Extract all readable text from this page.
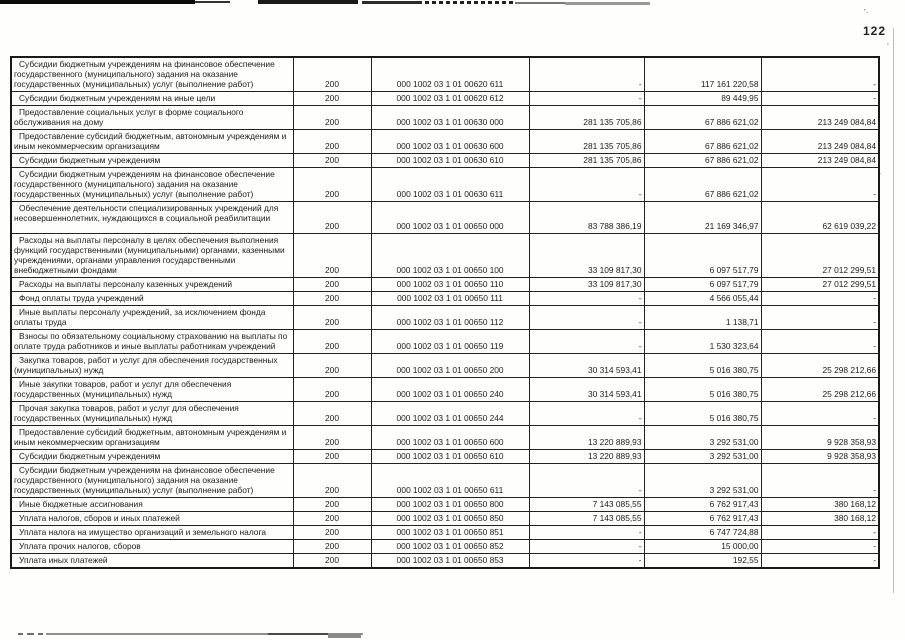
122
’·
’
’
Субсидии бюджетным учреждениям на финансовое обеспечение государственного (муниципального) задания на оказание государственных (муниципальных) услуг (выполнение работ)	200	000 1002 03 1 01 00620 611	-	117 161 220,58	-
Субсидии бюджетным учреждениям на иные цели	200	000 1002 03 1 01 00620 612	-	89 449,95	-
Предоставление социальных услуг в форме социального обслуживания на дому	200	000 1002 03 1 01 00630 000	281 135 705,86	67 886 621,02	213 249 084,84
Предоставление субсидий бюджетным, автономным учреждениям и иным некоммерческим организациям	200	000 1002 03 1 01 00630 600	281 135 705,86	67 886 621,02	213 249 084,84
Субсидии бюджетным учреждениям	200	000 1002 03 1 01 00630 610	281 135 705,86	67 886 621,02	213 249 084,84
Субсидии бюджетным учреждениям на финансовое обеспечение государственного (муниципального) задания на оказание государственных (муниципальных) услуг (выполнение работ)	200	000 1002 03 1 01 00630 611	-	67 886 621,02	-
Обеспечение деятельности специализированных учреждений для несовершеннолетних, нуждающихся в социальной реабилитации	200	000 1002 03 1 01 00650 000	83 788 386,19	21 169 346,97	62 619 039,22
Расходы на выплаты персоналу в целях обеспечения выполнения функций государственными (муниципальными) органами, казенными учреждениями, органами управления государственными внебюджетными фондами	200	000 1002 03 1 01 00650 100	33 109 817,30	6 097 517,79	27 012 299,51
Расходы на выплаты персоналу казенных учреждений	200	000 1002 03 1 01 00650 110	33 109 817,30	6 097 517,79	27 012 299,51
Фонд оплаты труда учреждений	200	000 1002 03 1 01 00650 111	-	4 566 055,44	-
Иные выплаты персоналу учреждений, за исключением фонда оплаты труда	200	000 1002 03 1 01 00650 112	-	1 138,71	-
Взносы по обязательному социальному страхованию на выплаты по оплате труда работников и иные выплаты работникам учреждений	200	000 1002 03 1 01 00650 119	-	1 530 323,64	-
Закупка товаров, работ и услуг для обеспечения государственных (муниципальных) нужд	200	000 1002 03 1 01 00650 200	30 314 593,41	5 016 380,75	25 298 212,66
Иные закупки товаров, работ и услуг для обеспечения государственных (муниципальных) нужд	200	000 1002 03 1 01 00650 240	30 314 593,41	5 016 380,75	25 298 212,66
Прочая закупка товаров, работ и услуг для обеспечения государственных (муниципальных) нужд	200	000 1002 03 1 01 00650 244	-	5 016 380,75	-
Предоставление субсидий бюджетным, автономным учреждениям и иным некоммерческим организациям	200	000 1002 03 1 01 00650 600	13 220 889,93	3 292 531,00	9 928 358,93
Субсидии бюджетным учреждениям	200	000 1002 03 1 01 00650 610	13 220 889,93	3 292 531,00	9 928 358,93
Субсидии бюджетным учреждениям на финансовое обеспечение государственного (муниципального) задания на оказание государственных (муниципальных) услуг (выполнение работ)	200	000 1002 03 1 01 00650 611	-	3 292 531,00	-
Иные бюджетные ассигнования	200	000 1002 03 1 01 00650 800	7 143 085,55	6 762 917,43	380 168,12
Уплата налогов, сборов и иных платежей	200	000 1002 03 1 01 00650 850	7 143 085,55	6 762 917,43	380 168,12
Уплата налога на имущество организаций и земельного налога	200	000 1002 03 1 01 00650 851	-	6 747 724,88	-
Уплата прочих налогов, сборов	200	000 1002 03 1 01 00650 852	-	15 000,00	-
Уплата иных платежей	200	000 1002 03 1 01 00650 853	-	192,55	-
